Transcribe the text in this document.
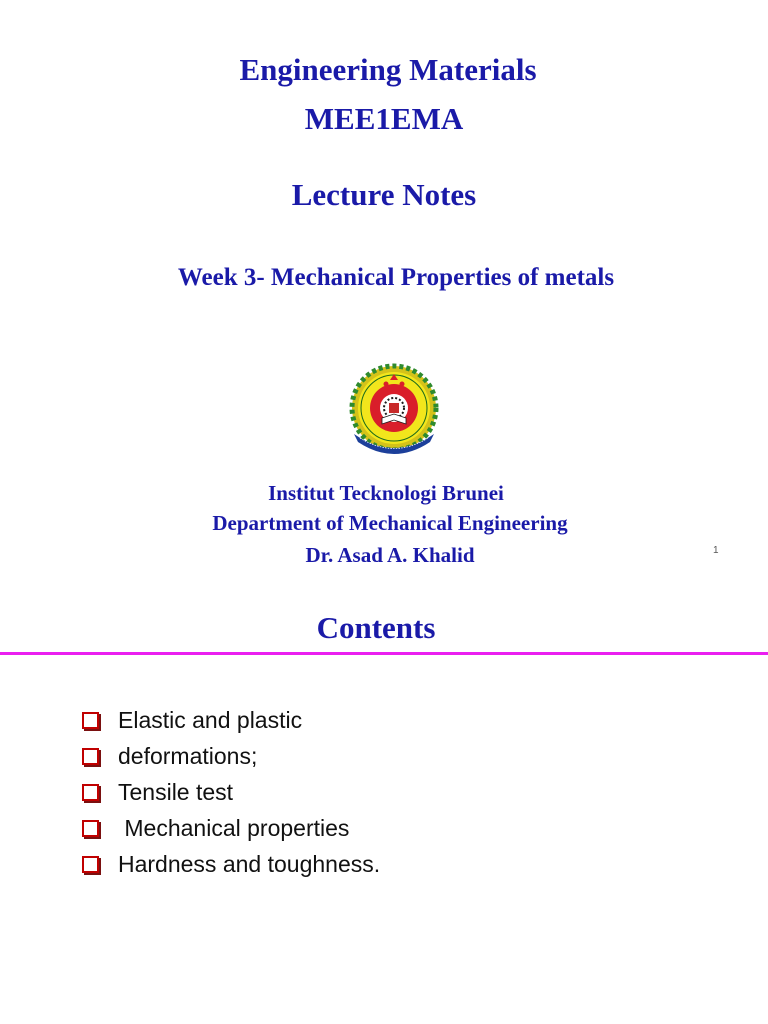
Engineering Materials
MEE1EMA
Lecture Notes
Week 3- Mechanical Properties of metals
Institut Tecknologi Brunei
Department of Mechanical Engineering
Dr. Asad A. Khalid	1
Contents
Elastic and plastic
deformations;
Tensile test
Mechanical properties
Hardness and toughness.
